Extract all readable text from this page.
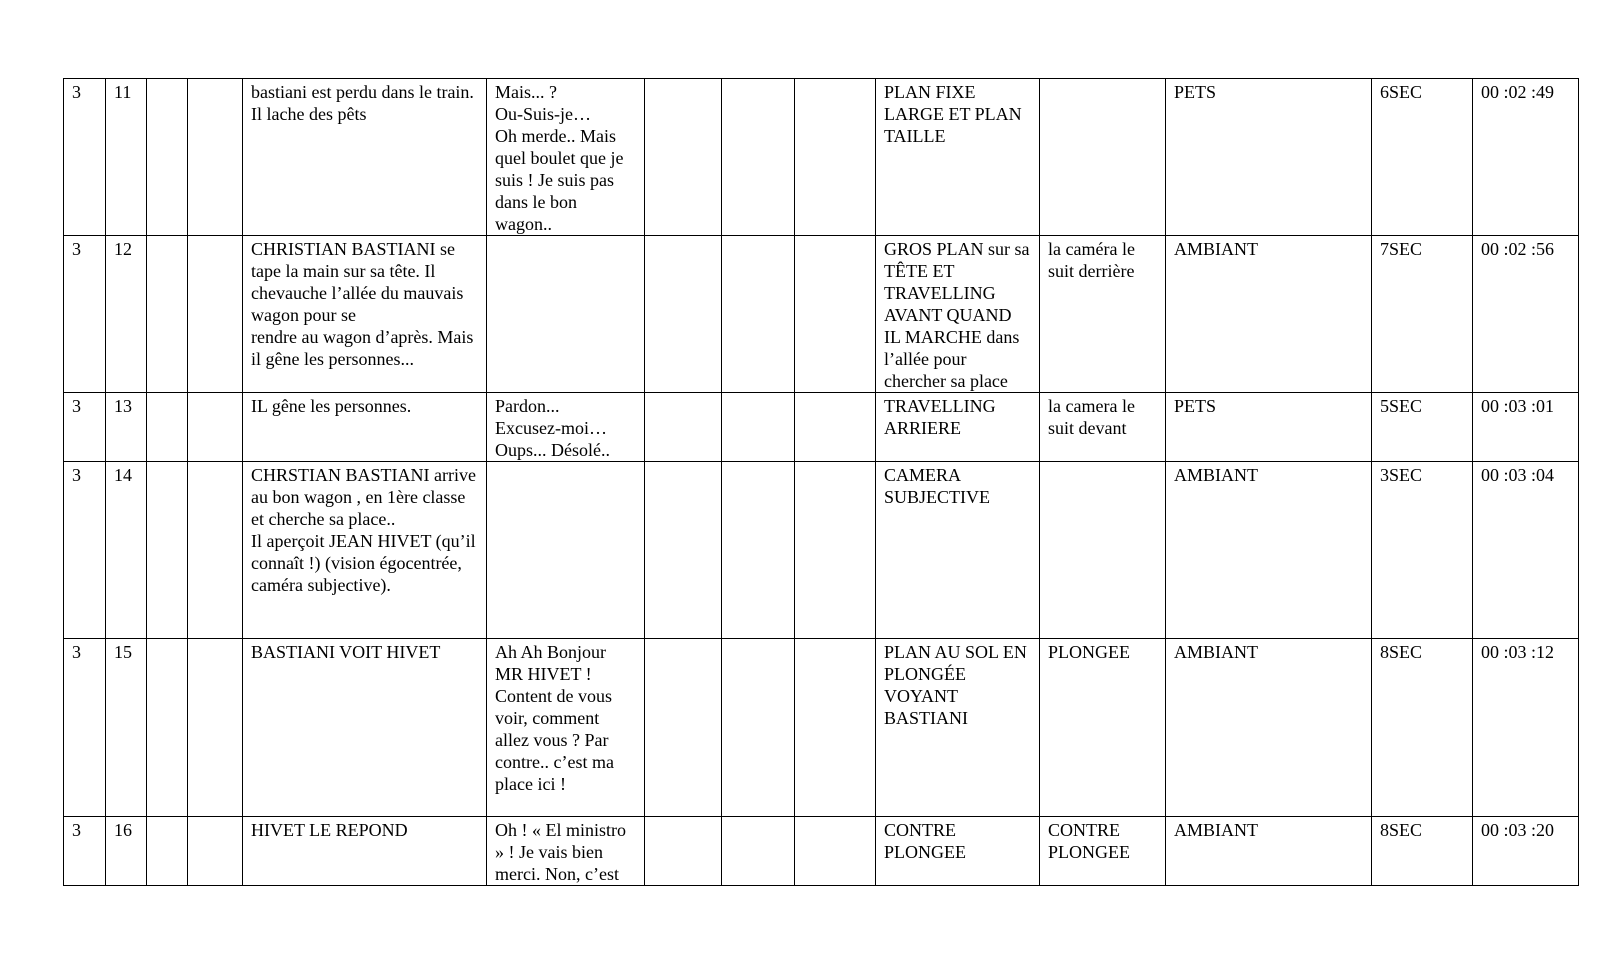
3	11			bastiani est perdu dans le train. Il lache des pêts	Mais... ?
Ou-Suis-je…
Oh merde.. Mais quel boulet que je suis ! Je suis pas dans le bon wagon..				PLAN FIXE LARGE ET PLAN TAILLE		PETS	6SEC	00 :02 :49
3	12			CHRISTIAN BASTIANI se tape la main sur sa tête. Il chevauche l’allée du mauvais wagon pour se
rendre au wagon d’après. Mais il gêne les personnes...					GROS PLAN sur sa TÊTE ET TRAVELLING AVANT QUAND IL MARCHE dans l’allée pour chercher sa place	la caméra le suit derrière	AMBIANT	7SEC	00 :02 :56
3	13			IL gêne les personnes.	Pardon...
Excusez-moi…
Oups... Désolé..				TRAVELLING ARRIERE	la camera le suit devant	PETS	5SEC	00 :03 :01
3	14			CHRSTIAN BASTIANI arrive au bon wagon , en 1ère classe et cherche sa place..
Il aperçoit JEAN HIVET (qu’il connaît !) (vision égocentrée, caméra subjective).					CAMERA SUBJECTIVE		AMBIANT	3SEC	00 :03 :04
3	15			BASTIANI VOIT HIVET	Ah Ah Bonjour MR HIVET ! Content de vous voir, comment allez vous ? Par contre.. c’est ma place ici !				PLAN AU SOL EN PLONGÉE VOYANT BASTIANI	PLONGEE	AMBIANT	8SEC	00 :03 :12
3	16			HIVET LE REPOND	Oh ! « El ministro » ! Je vais bien merci. Non, c’est				CONTRE PLONGEE	CONTRE PLONGEE	AMBIANT	8SEC	00 :03 :20
